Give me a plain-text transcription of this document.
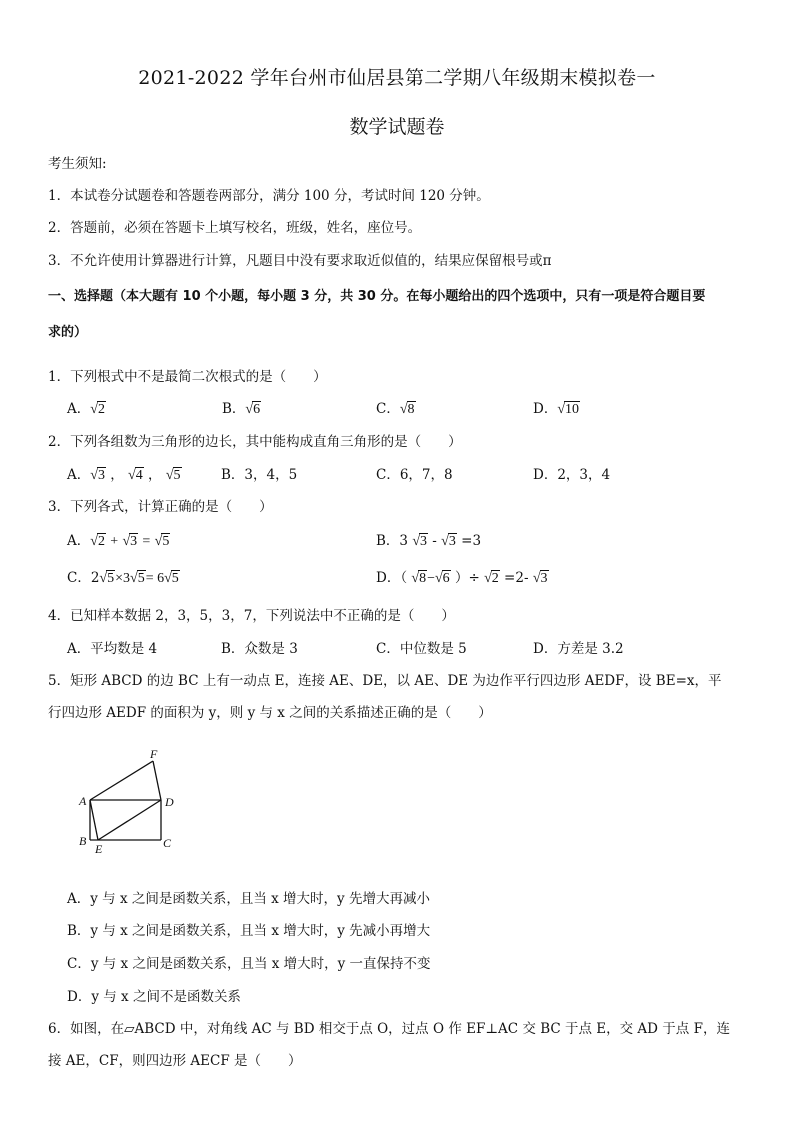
2021-2022 学年台州市仙居县第二学期八年级期末模拟卷一
数学试题卷
考生须知:
1．本试卷分试题卷和答题卷两部分，满分 100 分，考试时间 120 分钟。
2．答题前，必须在答题卡上填写校名，班级，姓名，座位号。
3．不允许使用计算器进行计算，凡题目中没有要求取近似值的，结果应保留根号或π
一、选择题（本大题有 10 个小题，每小题 3 分，共 30 分。在每小题给出的四个选项中，只有一项是符合题目要
求的）
1．下列根式中不是最简二次根式的是（　　）
A．√2	B．√6	C．√8	D．√10
2．下列各组数为三角形的边长，其中能构成直角三角形的是（　　）
A．√3 ， √4 ， √5	B．3，4，5	C．6，7，8	D．2，3，4
3．下列各式，计算正确的是（　　）
A．√2 + √3 = √5	B．3 √3 - √3 =3
C．2√5×3√5= 6√5	D．（ √8−√6 ）÷ √2 =2- √3
4．已知样本数据 2，3，5，3，7，下列说法中不正确的是（　　）
A．平均数是 4	B．众数是 3	C．中位数是 5	D．方差是 3.2
5．矩形 ABCD 的边 BC 上有一动点 E，连接 AE、DE，以 AE、DE 为边作平行四边形 AEDF，设 BE=x，平
行四边形 AEDF 的面积为 y，则 y 与 x 之间的关系描述正确的是（　　）
F
A	D
B
E	C
A．y 与 x 之间是函数关系，且当 x 增大时，y 先增大再减小
B．y 与 x 之间是函数关系，且当 x 增大时，y 先减小再增大
C．y 与 x 之间是函数关系，且当 x 增大时，y 一直保持不变
D．y 与 x 之间不是函数关系
6．如图，在▱ABCD 中，对角线 AC 与 BD 相交于点 O，过点 O 作 EF⊥AC 交 BC 于点 E，交 AD 于点 F，连
接 AE，CF，则四边形 AECF 是（　　）
